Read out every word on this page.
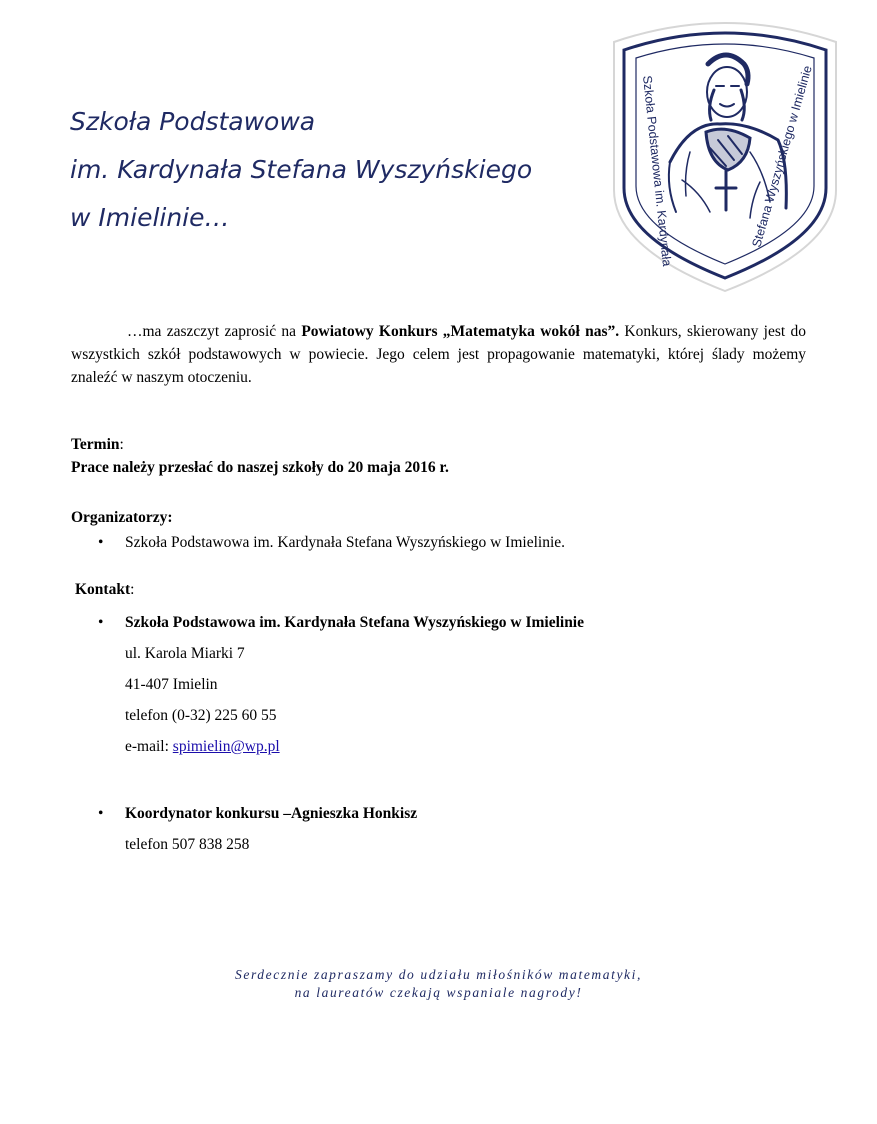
Szkoła Podstawowa
im. Kardynała Stefana Wyszyńskiego
w Imielinie…	Szkoła Podstawowa im. Kardynała	Stefana Wyszyńskiego w Imielinie
…ma zaszczyt zaprosić na Powiatowy Konkurs „Matematyka wokół nas”. Konkurs, skierowany jest do wszystkich szkół podstawowych w powiecie. Jego celem jest propagowanie matematyki, której ślady możemy znaleźć w naszym otoczeniu.
Termin:
Prace należy przesłać do naszej szkoły do 20 maja 2016 r.
Organizatorzy:
• Szkoła Podstawowa im. Kardynała Stefana Wyszyńskiego w Imielinie.
Kontakt:
• Szkoła Podstawowa im. Kardynała Stefana Wyszyńskiego w Imielinie
ul. Karola Miarki 7
41-407 Imielin
telefon (0-32) 225 60 55
e-mail: spimielin@wp.pl
• Koordynator konkursu –Agnieszka Honkisz
telefon 507 838 258
Serdecznie zapraszamy do udziału miłośników matematyki,
na laureatów czekają wspaniale nagrody!
